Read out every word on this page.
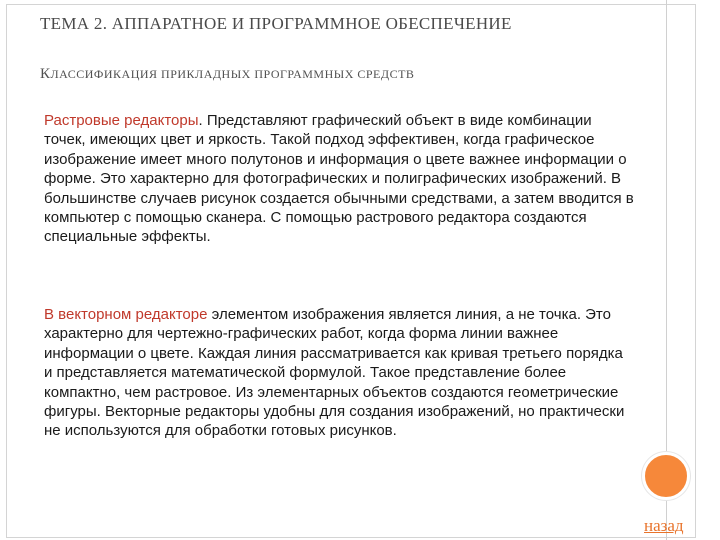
ТЕМА 2. АППАРАТНОЕ И ПРОГРАММНОЕ ОБЕСПЕЧЕНИЕ
КЛАССИФИКАЦИЯ ПРИКЛАДНЫХ ПРОГРАММНЫХ СРЕДСТВ
Растровые редакторы. Представляют графический объект в виде комбинации точек, имеющих цвет и яркость. Такой подход эффективен, когда графическое изображение имеет много полутонов и информация о цвете важнее информации о форме. Это характерно для фотографических и полиграфических изображений. В большинстве случаев рисунок создается обычными средствами, а затем вводится в компьютер с помощью сканера. С помощью растрового редактора создаются специальные эффекты.
В векторном редакторе элементом изображения является линия, а не точка. Это характерно для чертежно-графических работ, когда форма линии важнее информации о цвете. Каждая линия рассматривается как кривая третьего порядка и представляется математической формулой. Такое представление более компактно, чем растровое. Из элементарных объектов создаются геометрические фигуры. Векторные редакторы удобны для создания изображений, но практически не используются для обработки готовых рисунков.
назад
